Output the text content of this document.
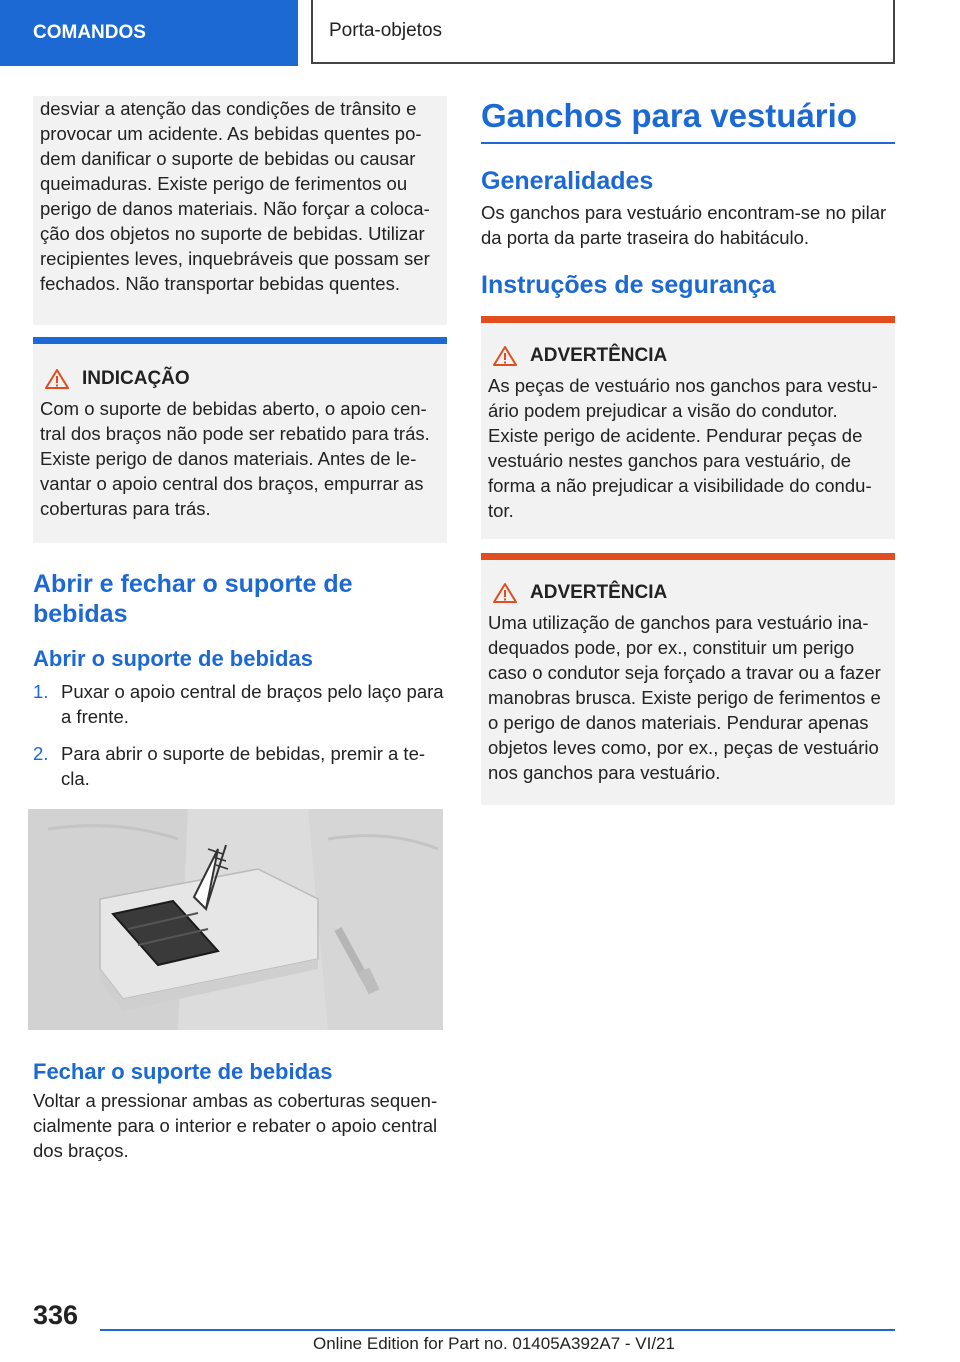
COMANDOS	Porta-objetos

desviar a atenção das condições de trânsito e provocar um acidente. As bebidas quentes podem danificar o suporte de bebidas ou causar queimaduras. Existe perigo de ferimentos ou perigo de danos materiais. Não forçar a colocação dos objetos no suporte de bebidas. Utilizar recipientes leves, inquebráveis que possam ser fechados. Não transportar bebidas quentes.

INDICAÇÃO

Com o suporte de bebidas aberto, o apoio central dos braços não pode ser rebatido para trás. Existe perigo de danos materiais. Antes de levantar o apoio central dos braços, empurrar as coberturas para trás.

Abrir e fechar o suporte de bebidas
Abrir o suporte de bebidas
1. Puxar o apoio central de braços pelo laço para a frente.
2. Para abrir o suporte de bebidas, premir a tecla.
Fechar o suporte de bebidas

Voltar a pressionar ambas as coberturas sequencialmente para o interior e rebater o apoio central dos braços.

Ganchos para vestuário
Generalidades

Os ganchos para vestuário encontram-se no pilar da porta da parte traseira do habitáculo.

Instruções de segurança
ADVERTÊNCIA

As peças de vestuário nos ganchos para vestuário podem prejudicar a visão do condutor. Existe perigo de acidente. Pendurar peças de vestuário nestes ganchos para vestuário, de forma a não prejudicar a visibilidade do condutor.

ADVERTÊNCIA

Uma utilização de ganchos para vestuário inadequados pode, por ex., constituir um perigo caso o condutor seja forçado a travar ou a fazer manobras brusca. Existe perigo de ferimentos e o perigo de danos materiais. Pendurar apenas objetos leves como, por ex., peças de vestuário nos ganchos para vestuário.

336
Online Edition for Part no. 01405A392A7 - VI/21
